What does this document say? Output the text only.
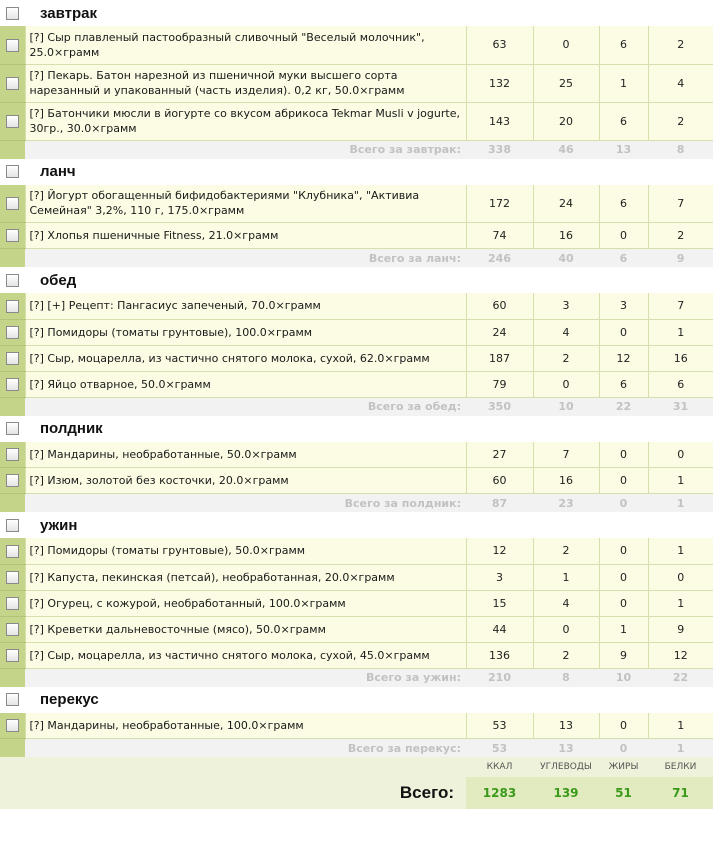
	завтрак				
	[?] Сыр плавленый пастообразный сливочный "Веселый молочник", 25.0×грамм	63	0	6	2
	[?] Пекарь. Батон нарезной из пшеничной муки высшего сорта нарезанный и упакованный (часть изделия). 0,2 кг, 50.0×грамм	132	25	1	4
	[?] Батончики мюсли в йогурте со вкусом абрикоса Tekmar Musli v jogurte, 30гр., 30.0×грамм	143	20	6	2
	Всего за завтрак:	338	46	13	8
	ланч				
	[?] Йогурт обогащенный бифидобактериями "Клубника", "Активиа Семейная" 3,2%, 110 г, 175.0×грамм	172	24	6	7
	[?] Хлопья пшеничные Fitness, 21.0×грамм	74	16	0	2
	Всего за ланч:	246	40	6	9
	обед				
	[?] [+] Рецепт: Пангасиус запеченый, 70.0×грамм	60	3	3	7
	[?] Помидоры (томаты грунтовые), 100.0×грамм	24	4	0	1
	[?] Сыр, моцарелла, из частично снятого молока, сухой, 62.0×грамм	187	2	12	16
	[?] Яйцо отварное, 50.0×грамм	79	0	6	6
	Всего за обед:	350	10	22	31
	полдник				
	[?] Мандарины, необработанные, 50.0×грамм	27	7	0	0
	[?] Изюм, золотой без косточки, 20.0×грамм	60	16	0	1
	Всего за полдник:	87	23	0	1
	ужин				
	[?] Помидоры (томаты грунтовые), 50.0×грамм	12	2	0	1
	[?] Капуста, пекинская (петсай), необработанная, 20.0×грамм	3	1	0	0
	[?] Огурец, с кожурой, необработанный, 100.0×грамм	15	4	0	1
	[?] Креветки дальневосточные (мясо), 50.0×грамм	44	0	1	9
	[?] Сыр, моцарелла, из частично снятого молока, сухой, 45.0×грамм	136	2	9	12
	Всего за ужин:	210	8	10	22
	перекус				
	[?] Мандарины, необработанные, 100.0×грамм	53	13	0	1
	Всего за перекус:	53	13	0	1
		ККАЛ	УГЛЕВОДЫ	ЖИРЫ	БЕЛКИ
Всего:		1283	139	51	71
